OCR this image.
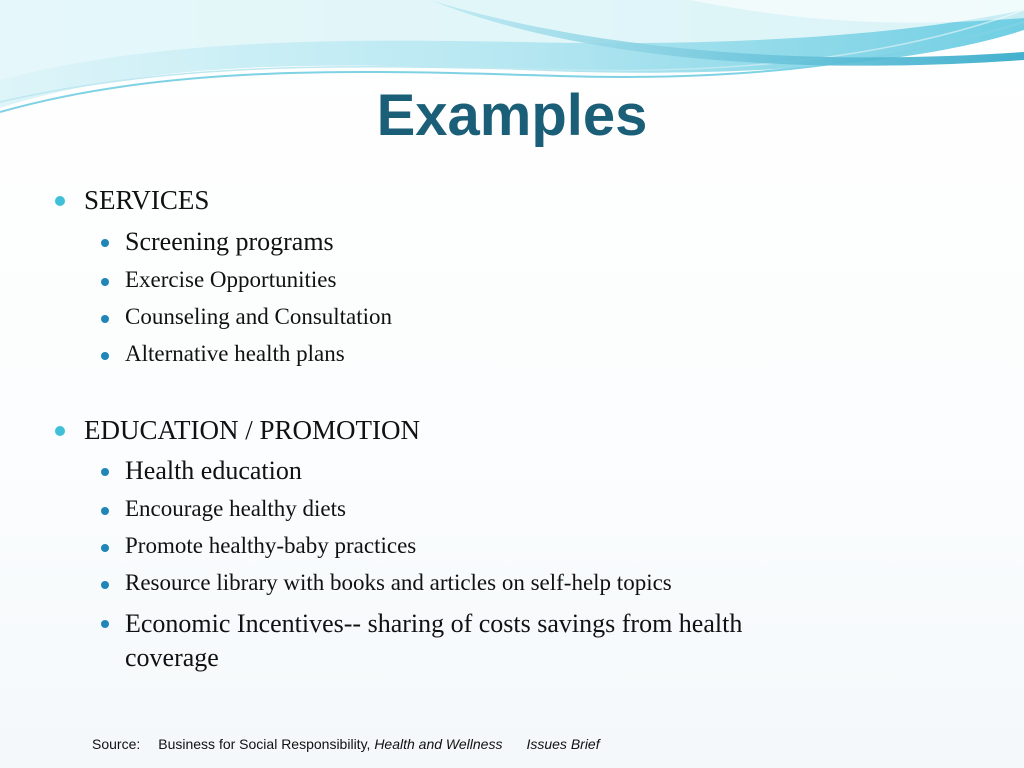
Examples
SERVICES
Screening programs
Exercise Opportunities
Counseling and Consultation
Alternative health plans
EDUCATION / PROMOTION
Health education
Encourage healthy diets
Promote healthy-baby practices
Resource library with books and articles on self-help topics
Economic Incentives-- sharing of costs savings from health coverage
Source: Business for Social Responsibility, Health and Wellness Issues Brief
